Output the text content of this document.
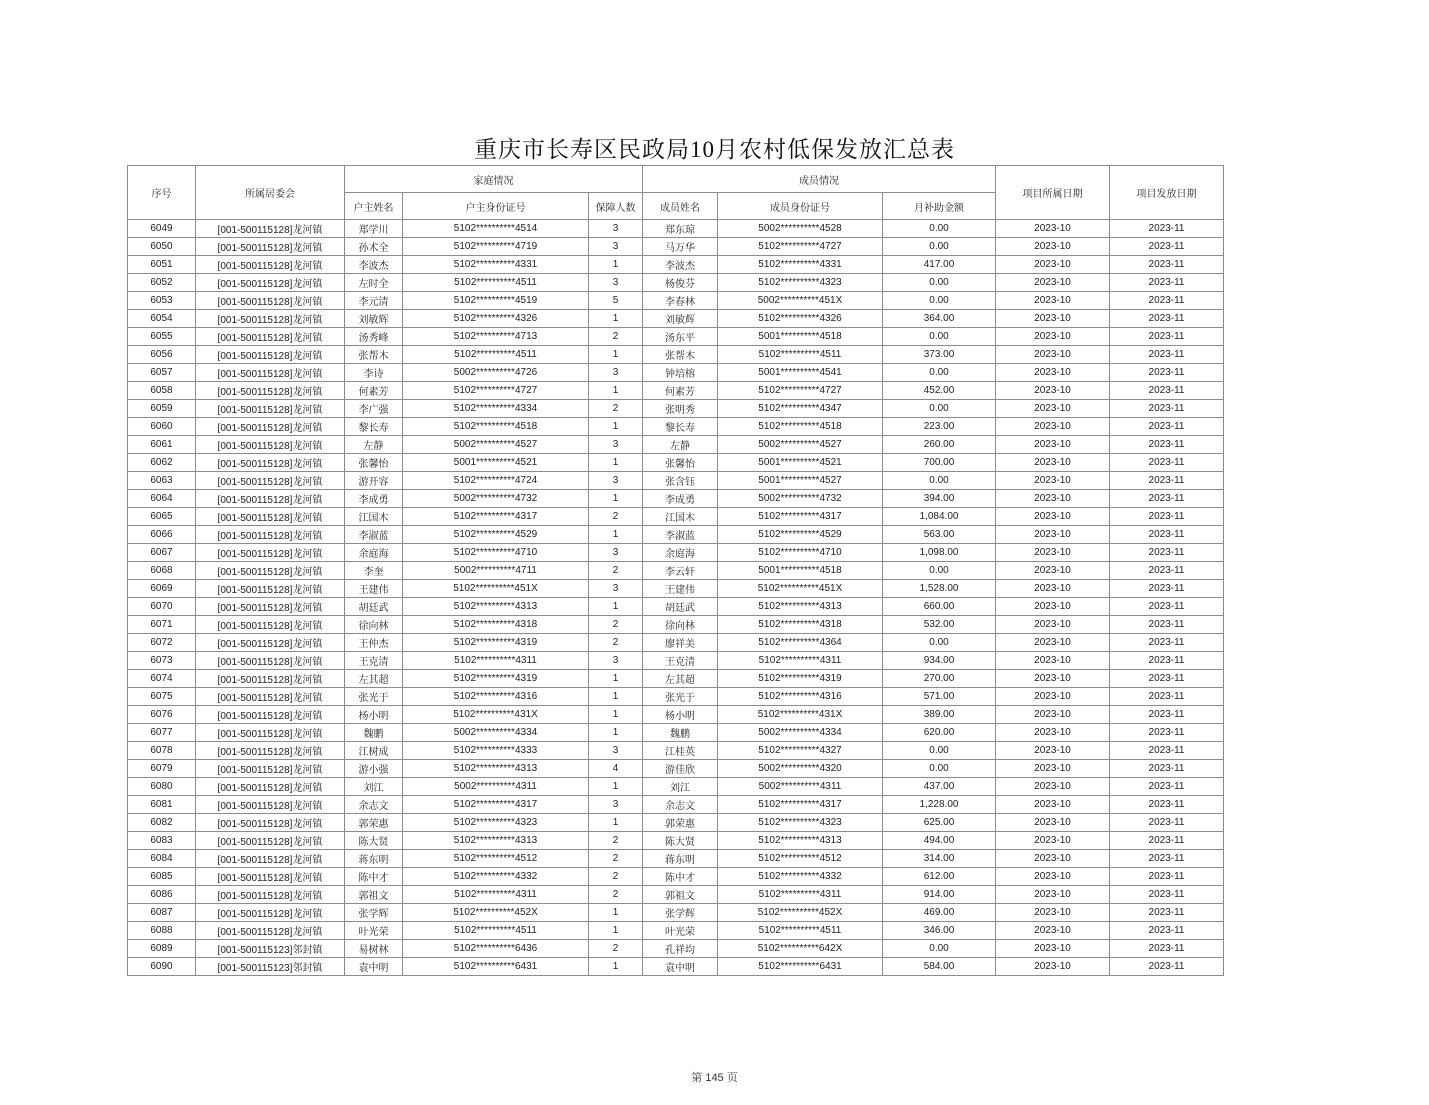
重庆市长寿区民政局10月农村低保发放汇总表
序号	所属居委会	家庭情况			成员情况			项目所属日期	项目发放日期
		户主姓名	户主身份证号	保障人数	成员姓名	成员身份证号	月补助金额		
6049	[001-500115128]龙河镇	郑学川	5102**********4514	3	郑东琼	5002**********4528	0.00	2023-10	2023-11
6050	[001-500115128]龙河镇	孙术全	5102**********4719	3	马万华	5102**********4727	0.00	2023-10	2023-11
6051	[001-500115128]龙河镇	李波杰	5102**********4331	1	李波杰	5102**********4331	417.00	2023-10	2023-11
6052	[001-500115128]龙河镇	左时全	5102**********4511	3	杨俊芬	5102**********4323	0.00	2023-10	2023-11
6053	[001-500115128]龙河镇	李元清	5102**********4519	5	李春林	5002**********451X	0.00	2023-10	2023-11
6054	[001-500115128]龙河镇	刘敏辉	5102**********4326	1	刘敏辉	5102**********4326	364.00	2023-10	2023-11
6055	[001-500115128]龙河镇	汤秀峰	5102**********4713	2	汤东平	5001**********4518	0.00	2023-10	2023-11
6056	[001-500115128]龙河镇	张帮木	5102**********4511	1	张帮木	5102**********4511	373.00	2023-10	2023-11
6057	[001-500115128]龙河镇	李诗	5002**********4726	3	钟培榕	5001**********4541	0.00	2023-10	2023-11
6058	[001-500115128]龙河镇	何素芳	5102**********4727	1	何素芳	5102**********4727	452.00	2023-10	2023-11
6059	[001-500115128]龙河镇	李广强	5102**********4334	2	张明秀	5102**********4347	0.00	2023-10	2023-11
6060	[001-500115128]龙河镇	黎长寿	5102**********4518	1	黎长寿	5102**********4518	223.00	2023-10	2023-11
6061	[001-500115128]龙河镇	左静	5002**********4527	3	左静	5002**********4527	260.00	2023-10	2023-11
6062	[001-500115128]龙河镇	张馨怡	5001**********4521	1	张馨怡	5001**********4521	700.00	2023-10	2023-11
6063	[001-500115128]龙河镇	游开容	5102**********4724	3	张含钰	5001**********4527	0.00	2023-10	2023-11
6064	[001-500115128]龙河镇	李成勇	5002**********4732	1	李成勇	5002**********4732	394.00	2023-10	2023-11
6065	[001-500115128]龙河镇	江国木	5102**********4317	2	江国木	5102**********4317	1,084.00	2023-10	2023-11
6066	[001-500115128]龙河镇	李淑蓝	5102**********4529	1	李淑蓝	5102**********4529	563.00	2023-10	2023-11
6067	[001-500115128]龙河镇	余庭海	5102**********4710	3	余庭海	5102**********4710	1,098.00	2023-10	2023-11
6068	[001-500115128]龙河镇	李奎	5002**********4711	2	李云轩	5001**********4518	0.00	2023-10	2023-11
6069	[001-500115128]龙河镇	王建伟	5102**********451X	3	王建伟	5102**********451X	1,528.00	2023-10	2023-11
6070	[001-500115128]龙河镇	胡廷武	5102**********4313	1	胡廷武	5102**********4313	660.00	2023-10	2023-11
6071	[001-500115128]龙河镇	徐向林	5102**********4318	2	徐向林	5102**********4318	532.00	2023-10	2023-11
6072	[001-500115128]龙河镇	王仲杰	5102**********4319	2	廖祥美	5102**********4364	0.00	2023-10	2023-11
6073	[001-500115128]龙河镇	王克清	5102**********4311	3	王克清	5102**********4311	934.00	2023-10	2023-11
6074	[001-500115128]龙河镇	左其超	5102**********4319	1	左其超	5102**********4319	270.00	2023-10	2023-11
6075	[001-500115128]龙河镇	张光于	5102**********4316	1	张光于	5102**********4316	571.00	2023-10	2023-11
6076	[001-500115128]龙河镇	杨小明	5102**********431X	1	杨小明	5102**********431X	389.00	2023-10	2023-11
6077	[001-500115128]龙河镇	魏鹏	5002**********4334	1	魏鹏	5002**********4334	620.00	2023-10	2023-11
6078	[001-500115128]龙河镇	江树成	5102**********4333	3	江桂英	5102**********4327	0.00	2023-10	2023-11
6079	[001-500115128]龙河镇	游小强	5102**********4313	4	游佳欣	5002**********4320	0.00	2023-10	2023-11
6080	[001-500115128]龙河镇	刘江	5002**********4311	1	刘江	5002**********4311	437.00	2023-10	2023-11
6081	[001-500115128]龙河镇	余志文	5102**********4317	3	余志文	5102**********4317	1,228.00	2023-10	2023-11
6082	[001-500115128]龙河镇	郭荣惠	5102**********4323	1	郭荣惠	5102**********4323	625.00	2023-10	2023-11
6083	[001-500115128]龙河镇	陈大贤	5102**********4313	2	陈大贤	5102**********4313	494.00	2023-10	2023-11
6084	[001-500115128]龙河镇	蒋东明	5102**********4512	2	蒋东明	5102**********4512	314.00	2023-10	2023-11
6085	[001-500115128]龙河镇	陈中才	5102**********4332	2	陈中才	5102**********4332	612.00	2023-10	2023-11
6086	[001-500115128]龙河镇	郭祖文	5102**********4311	2	郭祖文	5102**********4311	914.00	2023-10	2023-11
6087	[001-500115128]龙河镇	张学辉	5102**********452X	1	张学辉	5102**********452X	469.00	2023-10	2023-11
6088	[001-500115128]龙河镇	叶光荣	5102**********4511	1	叶光荣	5102**********4511	346.00	2023-10	2023-11
6089	[001-500115123]邻封镇	易树林	5102**********6436	2	孔祥均	5102**********642X	0.00	2023-10	2023-11
6090	[001-500115123]邻封镇	袁中明	5102**********6431	1	袁中明	5102**********6431	584.00	2023-10	2023-11
第 145 页
